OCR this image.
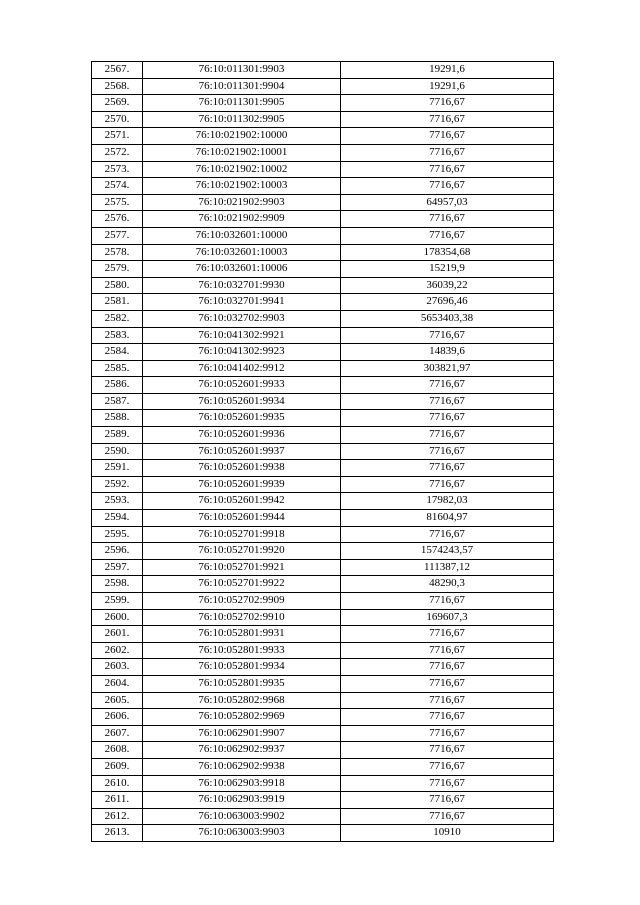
2567.	76:10:011301:9903	19291,6
2568.	76:10:011301:9904	19291,6
2569.	76:10:011301:9905	7716,67
2570.	76:10:011302:9905	7716,67
2571.	76:10:021902:10000	7716,67
2572.	76:10:021902:10001	7716,67
2573.	76:10:021902:10002	7716,67
2574.	76:10:021902:10003	7716,67
2575.	76:10:021902:9903	64957,03
2576.	76:10:021902:9909	7716,67
2577.	76:10:032601:10000	7716,67
2578.	76:10:032601:10003	178354,68
2579.	76:10:032601:10006	15219,9
2580.	76:10:032701:9930	36039,22
2581.	76:10:032701:9941	27696,46
2582.	76:10:032702:9903	5653403,38
2583.	76:10:041302:9921	7716,67
2584.	76:10:041302:9923	14839,6
2585.	76:10:041402:9912	303821,97
2586.	76:10:052601:9933	7716,67
2587.	76:10:052601:9934	7716,67
2588.	76:10:052601:9935	7716,67
2589.	76:10:052601:9936	7716,67
2590.	76:10:052601:9937	7716,67
2591.	76:10:052601:9938	7716,67
2592.	76:10:052601:9939	7716,67
2593.	76:10:052601:9942	17982,03
2594.	76:10:052601:9944	81604,97
2595.	76:10:052701:9918	7716,67
2596.	76:10:052701:9920	1574243,57
2597.	76:10:052701:9921	111387,12
2598.	76:10:052701:9922	48290,3
2599.	76:10:052702:9909	7716,67
2600.	76:10:052702:9910	169607,3
2601.	76:10:052801:9931	7716,67
2602.	76:10:052801:9933	7716,67
2603.	76:10:052801:9934	7716,67
2604.	76:10:052801:9935	7716,67
2605.	76:10:052802:9968	7716,67
2606.	76:10:052802:9969	7716,67
2607.	76:10:062901:9907	7716,67
2608.	76:10:062902:9937	7716,67
2609.	76:10:062902:9938	7716,67
2610.	76:10:062903:9918	7716,67
2611.	76:10:062903:9919	7716,67
2612.	76:10:063003:9902	7716,67
2613.	76:10:063003:9903	10910
